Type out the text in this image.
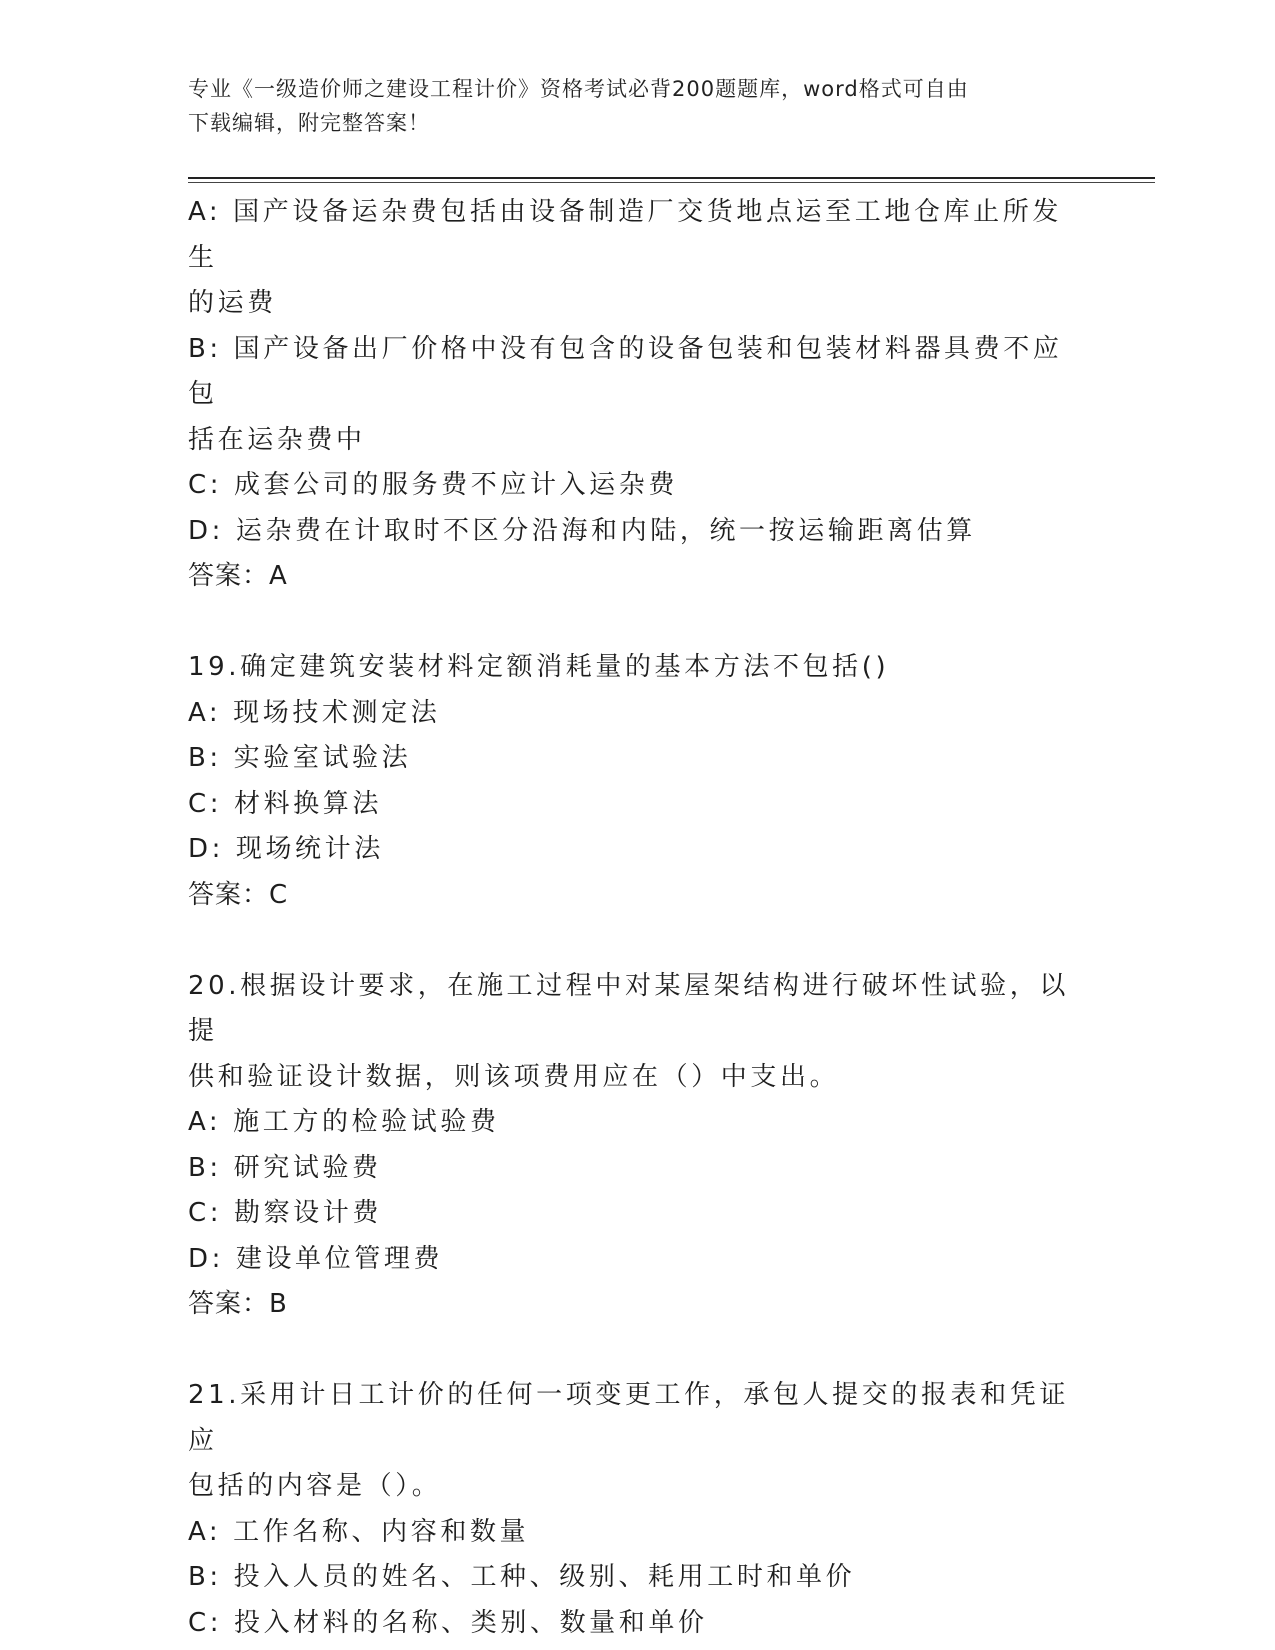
专业《一级造价师之建设工程计价》资格考试必背200题题库，word格式可自由
下载编辑，附完整答案！

A: 国产设备运杂费包括由设备制造厂交货地点运至工地仓库止所发生

的运费

B: 国产设备出厂价格中没有包含的设备包装和包装材料器具费不应包

括在运杂费中

C: 成套公司的服务费不应计入运杂费

D: 运杂费在计取时不区分沿海和内陆，统一按运输距离估算

答案：A

19.确定建筑安装材料定额消耗量的基本方法不包括()

A: 现场技术测定法

B: 实验室试验法

C: 材料换算法

D: 现场统计法

答案：C

20.根据设计要求，在施工过程中对某屋架结构进行破坏性试验，以提

供和验证设计数据，则该项费用应在（）中支出。

A: 施工方的检验试验费

B: 研究试验费

C: 勘察设计费

D: 建设单位管理费

答案：B

21.采用计日工计价的任何一项变更工作，承包人提交的报表和凭证应

包括的内容是（）。

A: 工作名称、内容和数量

B: 投入人员的姓名、工种、级别、耗用工时和单价

C: 投入材料的名称、类别、数量和单价
